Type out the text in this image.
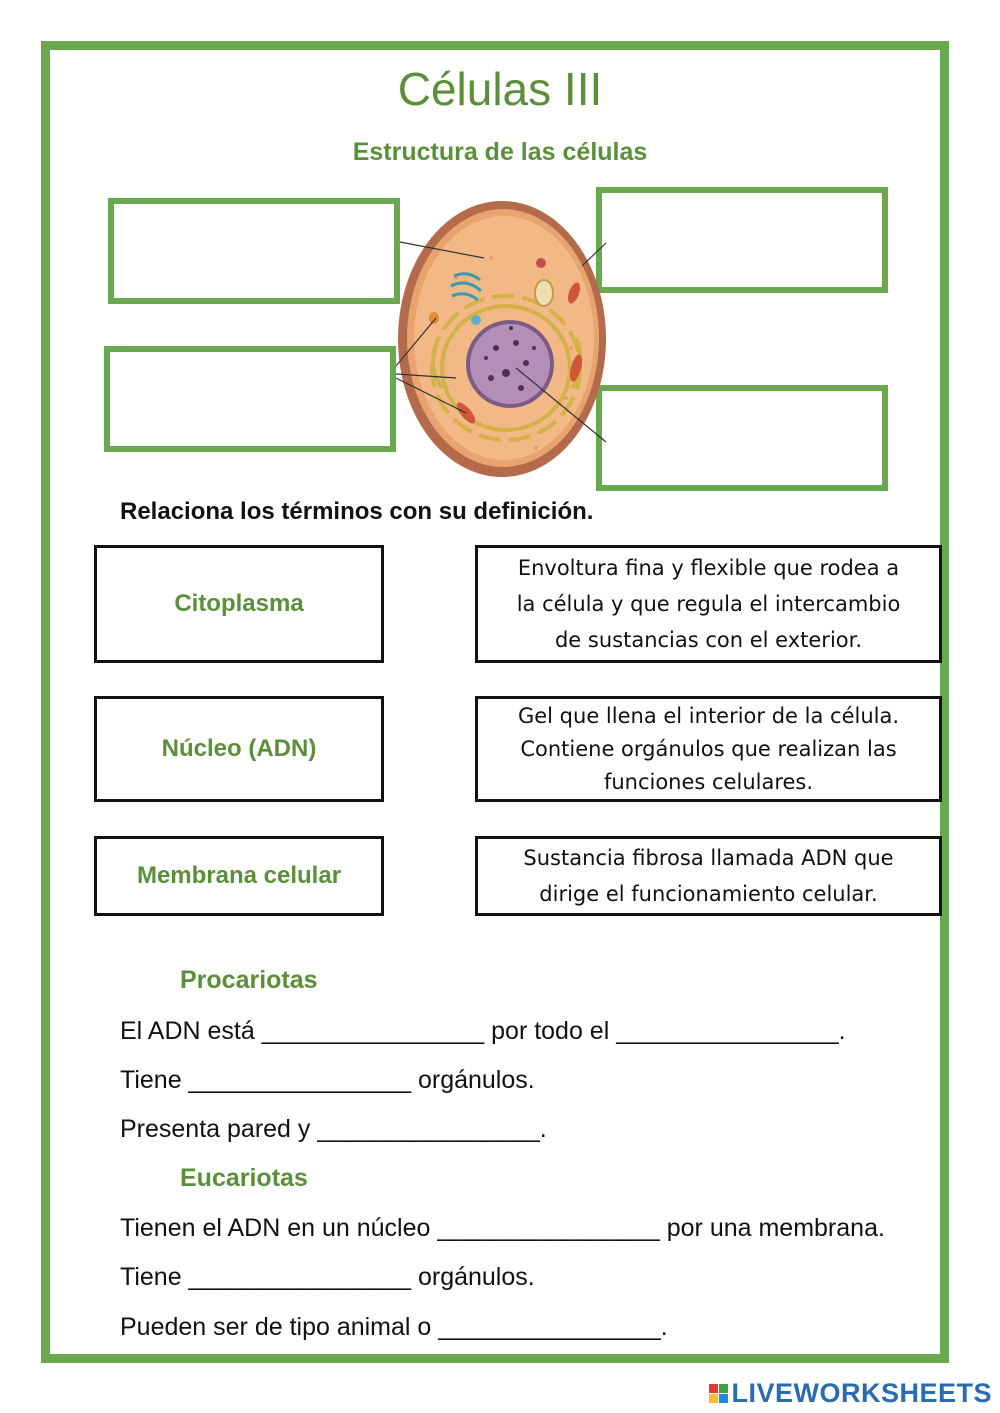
Células III
Estructura de las células
Relaciona los términos con su definición.
Citoplasma
Núcleo (ADN)
Membrana celular
Envoltura fina y flexible que rodea a
la célula y que regula el intercambio
de sustancias con el exterior.
Gel que llena el interior de la célula.
Contiene orgánulos que realizan las
funciones celulares.
Sustancia fibrosa llamada ADN que
dirige el funcionamiento celular.
Procariotas
El ADN está ________________ por todo el ________________.
Tiene ________________ orgánulos.
Presenta pared y ________________.
Eucariotas
Tienen el ADN en un núcleo ________________ por una membrana.
Tiene ________________ orgánulos.
Pueden ser de tipo animal o ________________.
LIVEWORKSHEETS
